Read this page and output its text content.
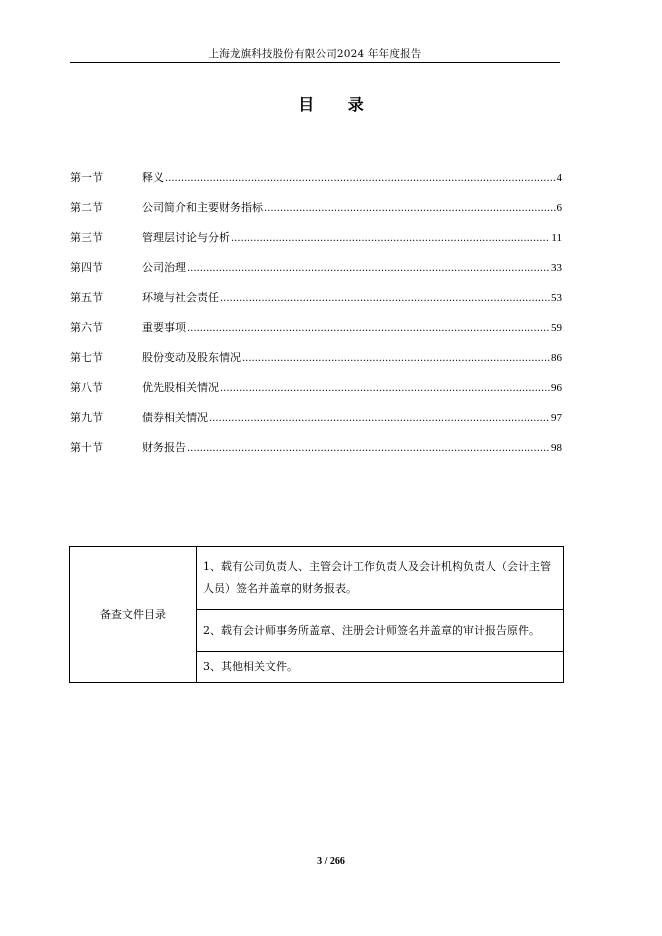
上海龙旗科技股份有限公司2024 年年度报告
目 录
第一节	释义 .....	4
第二节	公司简介和主要财务指标 .....	6
第三节	管理层讨论与分析 .....	11
第四节	公司治理 .....	33
第五节	环境与社会责任 .....	53
第六节	重要事项 .....	59
第七节	股份变动及股东情况 .....	86
第八节	优先股相关情况 .....	96
第九节	债券相关情况 .....	97
第十节	财务报告 .....	98
备查文件目录	1、载有公司负责人、主管会计工作负责人及会计机构负责人（会计主管人员）签名并盖章的财务报表。
2、载有会计师事务所盖章、注册会计师签名并盖章的审计报告原件。
3、其他相关文件。
3 / 266
